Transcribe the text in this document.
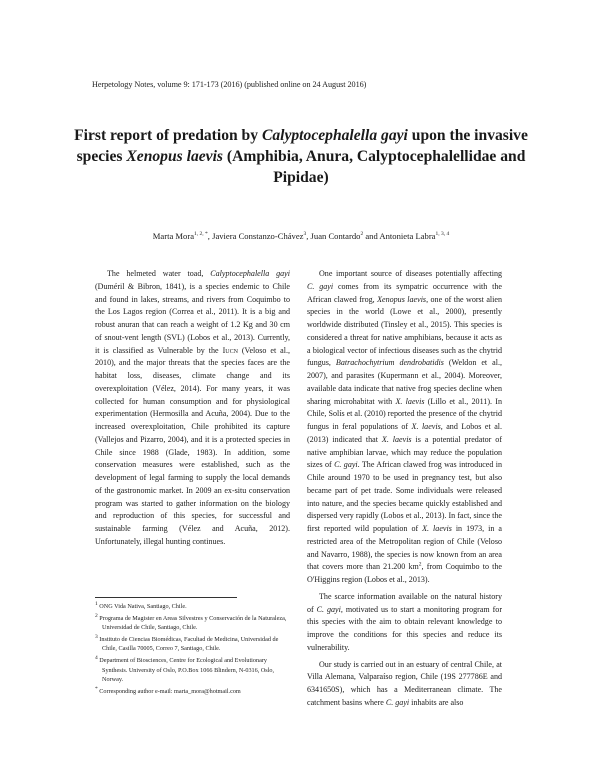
Herpetology Notes, volume 9: 171-173 (2016) (published online on 24 August 2016)
First report of predation by Calyptocephalella gayi upon the invasive species Xenopus laevis (Amphibia, Anura, Calyptocephalellidae and Pipidae)
Marta Mora$^{1, 2, *}$, Javiera Constanzo-Chávez$^3$, Juan Contardo$^2$ and Antonieta Labra$^{1, 3, 4}$

The helmeted water toad, Calyptocephalella gayi (Duméril & Bibron, 1841), is a species endemic to Chile and found in lakes, streams, and rivers from Coquimbo to the Los Lagos region (Correa et al., 2011). It is a big and robust anuran that can reach a weight of 1.2 Kg and 30 cm of snout-vent length (SVL) (Lobos et al., 2013). Currently, it is classified as Vulnerable by the Iucn (Veloso et al., 2010), and the major threats that the species faces are the habitat loss, diseases, climate change and its overexploitation (Vélez, 2014). For many years, it was collected for human consumption and for physiological experimentation (Hermosilla and Acuña, 2004). Due to the increased overexploitation, Chile prohibited its capture (Vallejos and Pizarro, 2004), and it is a protected species in Chile since 1988 (Glade, 1983). In addition, some conservation measures were established, such as the development of legal farming to supply the local demands of the gastronomic market. In 2009 an ex-situ conservation program was started to gather information on the biology and reproduction of this species, for successful and sustainable farming (Vélez and Acuña, 2012). Unfortunately, illegal hunting continues.

One important source of diseases potentially affecting C. gayi comes from its sympatric occurrence with the African clawed frog, Xenopus laevis, one of the worst alien species in the world (Lowe et al., 2000), presently worldwide distributed (Tinsley et al., 2015). This species is considered a threat for native amphibians, because it acts as a biological vector of infectious diseases such as the chytrid fungus, Batrachochytrium dendrobatidis (Weldon et al., 2007), and parasites (Kupermann et al., 2004). Moreover, available data indicate that native frog species decline when sharing microhabitat with X. laevis (Lillo et al., 2011). In Chile, Solís et al. (2010) reported the presence of the chytrid fungus in feral populations of X. laevis, and Lobos et al. (2013) indicated that X. laevis is a potential predator of native amphibian larvae, which may reduce the population sizes of C. gayi. The African clawed frog was introduced in Chile around 1970 to be used in pregnancy test, but also became part of pet trade. Some individuals were released into nature, and the species became quickly established and dispersed very rapidly (Lobos et al., 2013). In fact, since the first reported wild population of X. laevis in 1973, in a restricted area of the Metropolitan region of Chile (Veloso and Navarro, 1988), the species is now known from an area that covers more than 21.200 $km^2$, from Coquimbo to the O'Higgins region (Lobos et al., 2013).

The scarce information available on the natural history of C. gayi, motivated us to start a monitoring program for this species with the aim to obtain relevant knowledge to improve the conditions for this species and reduce its vulnerability.

Our study is carried out in an estuary of central Chile, at Villa Alemana, Valparaíso region, Chile (19S 277786E and 6341650S), which has a Mediterranean climate. The catchment basins where C. gayi inhabits are also

$^1$ ONG Vida Nativa, Santiago, Chile.
$^2$ Programa de Magister en Areas Silvestres y Conservación de la Naturaleza, Universidad de Chile, Santiago, Chile.
$^3$ Instituto de Ciencias Biomédicas, Facultad de Medicina, Universidad de Chile, Casilla 70005, Correo 7, Santiago, Chile.
$^4$ Department of Biosciences, Centre for Ecological and Evolutionary Synthesis. University of Oslo, P.O.Box 1066 Blindern, N-0316, Oslo, Norway.
* Corresponding author e-mail: marta_mora@hotmail.com
